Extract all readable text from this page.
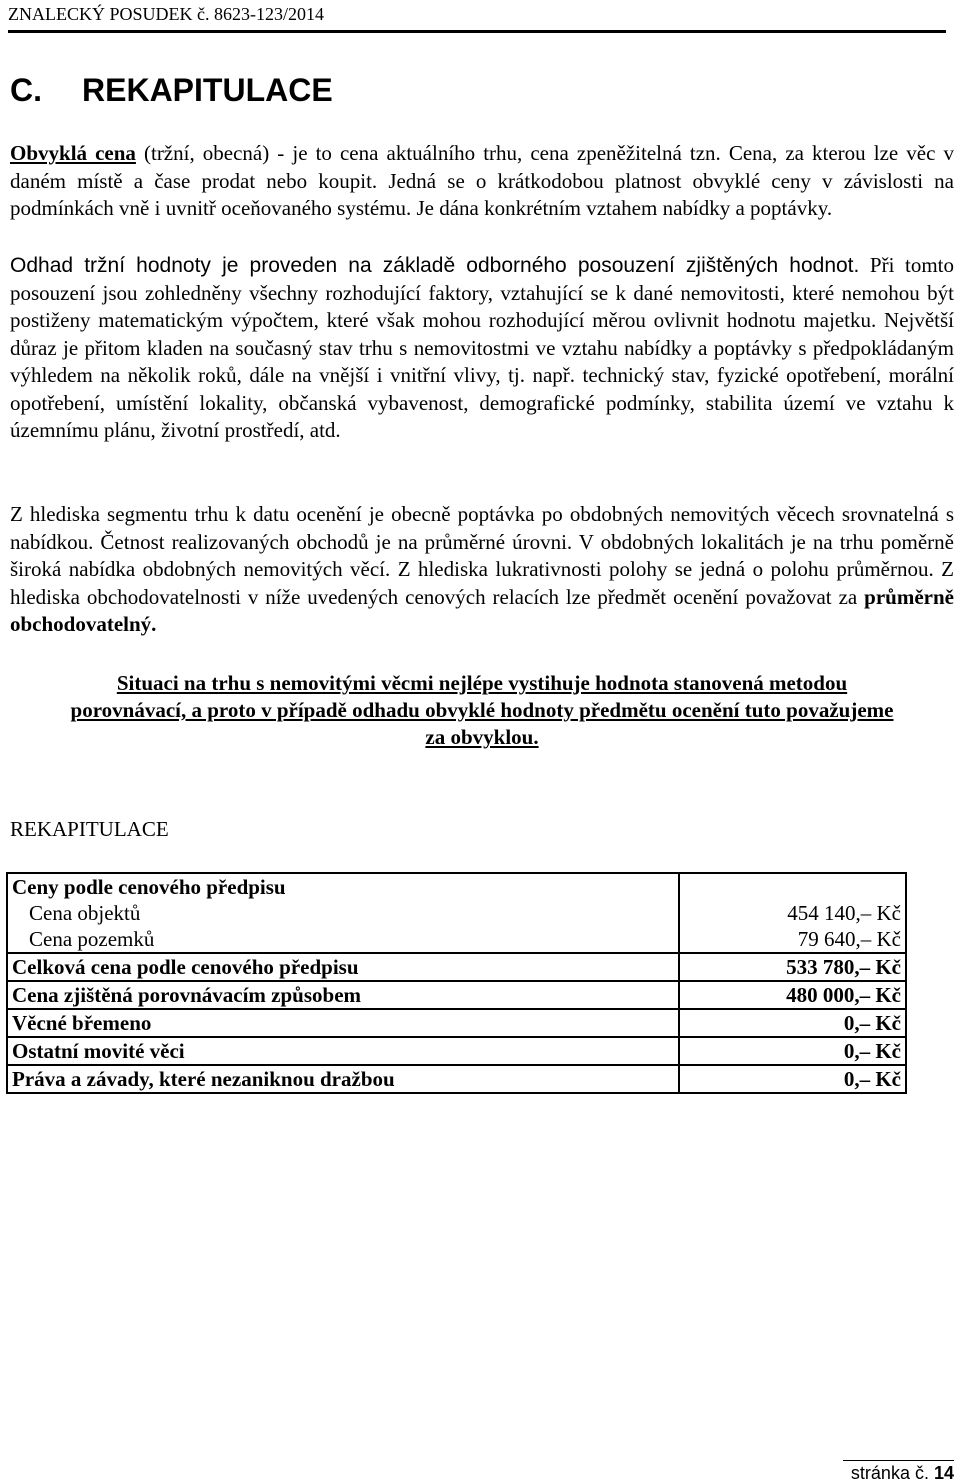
ZNALECKÝ POSUDEK č. 8623-123/2014
C. REKAPITULACE
Obvyklá cena (tržní, obecná) - je to cena aktuálního trhu, cena zpeněžitelná tzn. Cena, za kterou lze věc v daném místě a čase prodat nebo koupit. Jedná se o krátkodobou platnost obvyklé ceny v závislosti na podmínkách vně i uvnitř oceňovaného systému. Je dána konkrétním vztahem nabídky a poptávky.
Odhad tržní hodnoty je proveden na základě odborného posouzení zjištěných hodnot. Při tomto posouzení jsou zohledněny všechny rozhodující faktory, vztahující se k dané nemovitosti, které nemohou být postiženy matematickým výpočtem, které však mohou rozhodující měrou ovlivnit hodnotu majetku. Největší důraz je přitom kladen na současný stav trhu s nemovitostmi ve vztahu nabídky a poptávky s předpokládaným výhledem na několik roků, dále na vnější i vnitřní vlivy, tj. např. technický stav, fyzické opotřebení, morální opotřebení, umístění lokality, občanská vybavenost, demografické podmínky, stabilita území ve vztahu k územnímu plánu, životní prostředí, atd.
Z hlediska segmentu trhu k datu ocenění je obecně poptávka po obdobných nemovitých věcech srovnatelná s nabídkou. Četnost realizovaných obchodů je na průměrné úrovni. V obdobných lokalitách je na trhu poměrně široká nabídka obdobných nemovitých věcí. Z hlediska lukrativnosti polohy se jedná o polohu průměrnou. Z hlediska obchodovatelnosti v níže uvedených cenových relacích lze předmět ocenění považovat za průměrně obchodovatelný.
Situaci na trhu s nemovitými věcmi nejlépe vystihuje hodnota stanovená metodou
porovnávací, a proto v případě odhadu obvyklé hodnoty předmětu ocenění tuto považujeme
za obvyklou.
REKAPITULACE
Ceny podle cenového předpisu	
Cena objektů	454 140,– Kč
Cena pozemků	79 640,– Kč
Celková cena podle cenového předpisu	533 780,– Kč
Cena zjištěná porovnávacím způsobem	480 000,– Kč
Věcné břemeno	0,– Kč
Ostatní movité věci	0,– Kč
Práva a závady, které nezaniknou dražbou	0,– Kč
stránka č. 14
